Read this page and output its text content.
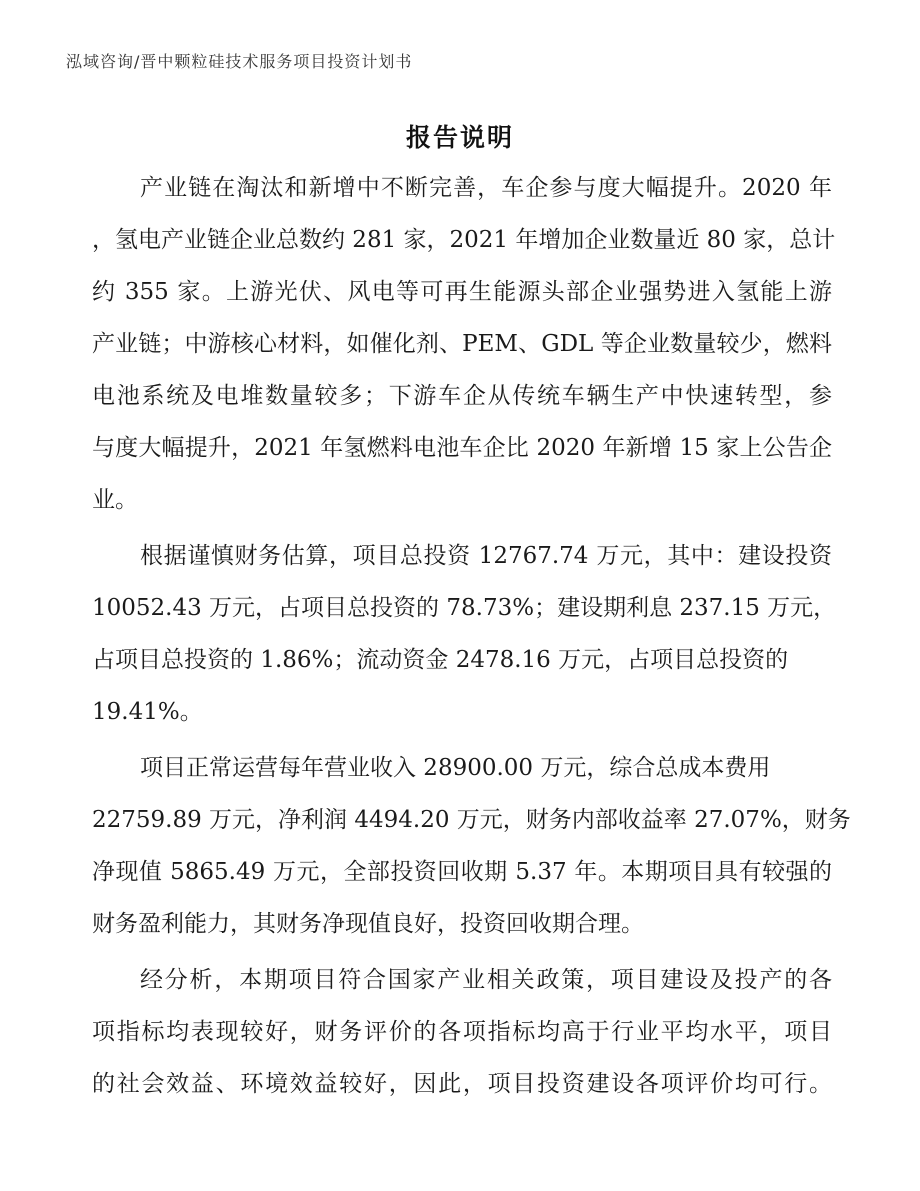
泓域咨询/晋中颗粒硅技术服务项目投资计划书
报告说明
产业链在淘汰和新增中不断完善，车企参与度大幅提升。2020 年
，氢电产业链企业总数约 281 家，2021 年增加企业数量近 80 家，总计
约 355 家。上游光伏、风电等可再生能源头部企业强势进入氢能上游
产业链；中游核心材料，如催化剂、PEM、GDL 等企业数量较少，燃料
电池系统及电堆数量较多；下游车企从传统车辆生产中快速转型，参
与度大幅提升，2021 年氢燃料电池车企比 2020 年新增 15 家上公告企
业。
根据谨慎财务估算，项目总投资 12767.74 万元，其中：建设投资
10052.43 万元，占项目总投资的 78.73%；建设期利息 237.15 万元，
占项目总投资的 1.86%；流动资金 2478.16 万元，占项目总投资的
19.41%。
项目正常运营每年营业收入 28900.00 万元，综合总成本费用
22759.89 万元，净利润 4494.20 万元，财务内部收益率 27.07%，财务
净现值 5865.49 万元，全部投资回收期 5.37 年。本期项目具有较强的
财务盈利能力，其财务净现值良好，投资回收期合理。
经分析，本期项目符合国家产业相关政策，项目建设及投产的各
项指标均表现较好，财务评价的各项指标均高于行业平均水平，项目
的社会效益、环境效益较好，因此，项目投资建设各项评价均可行。
